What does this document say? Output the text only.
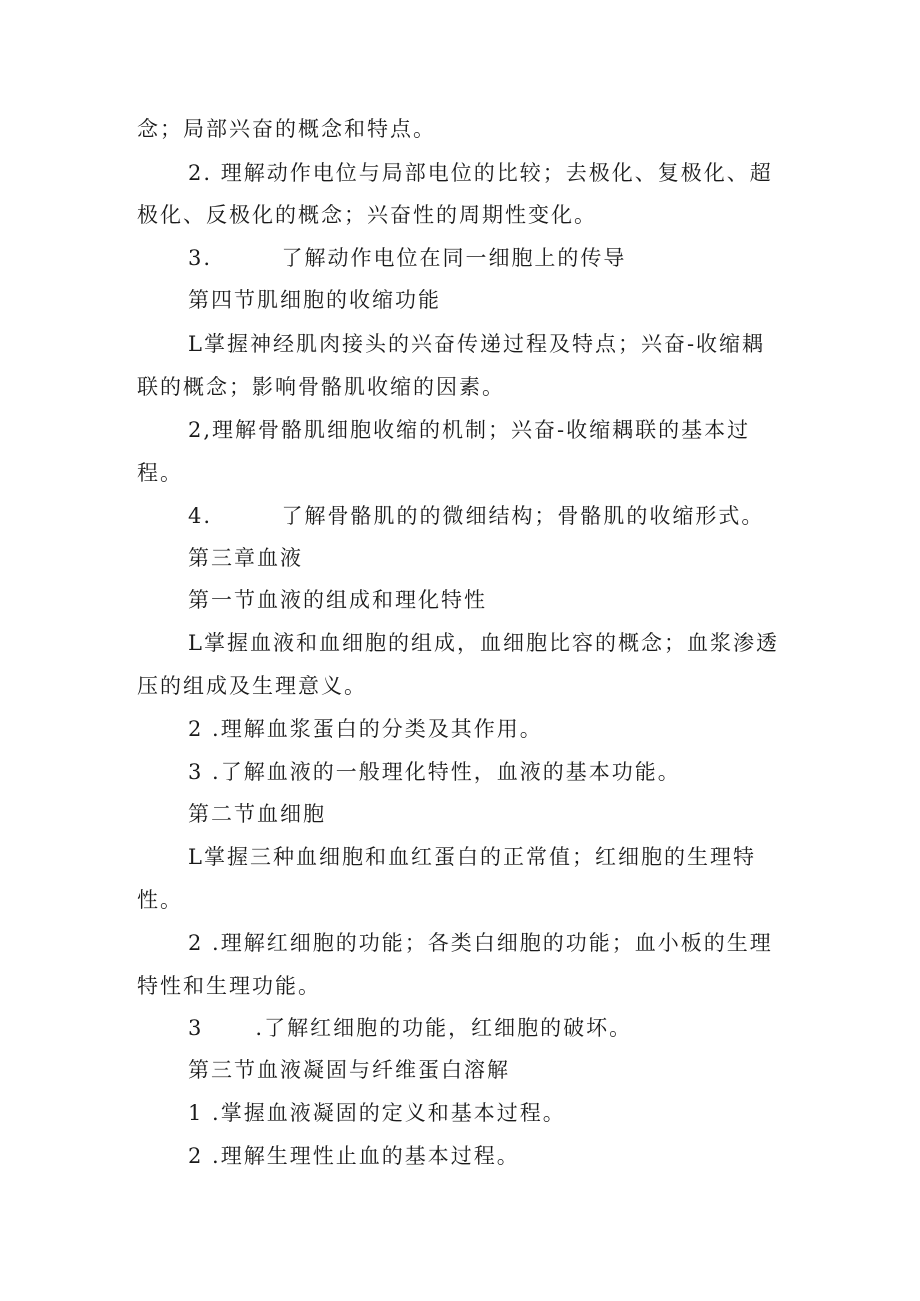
念；局部兴奋的概念和特点。
2. 理解动作电位与局部电位的比较；去极化、复极化、超
极化、反极化的概念；兴奋性的周期性变化。
3.        了解动作电位在同一细胞上的传导
第四节肌细胞的收缩功能
L掌握神经肌肉接头的兴奋传递过程及特点；兴奋-收缩耦
联的概念；影响骨骼肌收缩的因素。
2,理解骨骼肌细胞收缩的机制；兴奋-收缩耦联的基本过
程。
4.        了解骨骼肌的的微细结构；骨骼肌的收缩形式。
第三章血液
第一节血液的组成和理化特性
L掌握血液和血细胞的组成，血细胞比容的概念；血浆渗透
压的组成及生理意义。
2 .理解血浆蛋白的分类及其作用。
3 .了解血液的一般理化特性，血液的基本功能。
第二节血细胞
L掌握三种血细胞和血红蛋白的正常值；红细胞的生理特
性。
2 .理解红细胞的功能；各类白细胞的功能；血小板的生理
特性和生理功能。
3      .了解红细胞的功能，红细胞的破坏。
第三节血液凝固与纤维蛋白溶解
1 .掌握血液凝固的定义和基本过程。
2 .理解生理性止血的基本过程。
